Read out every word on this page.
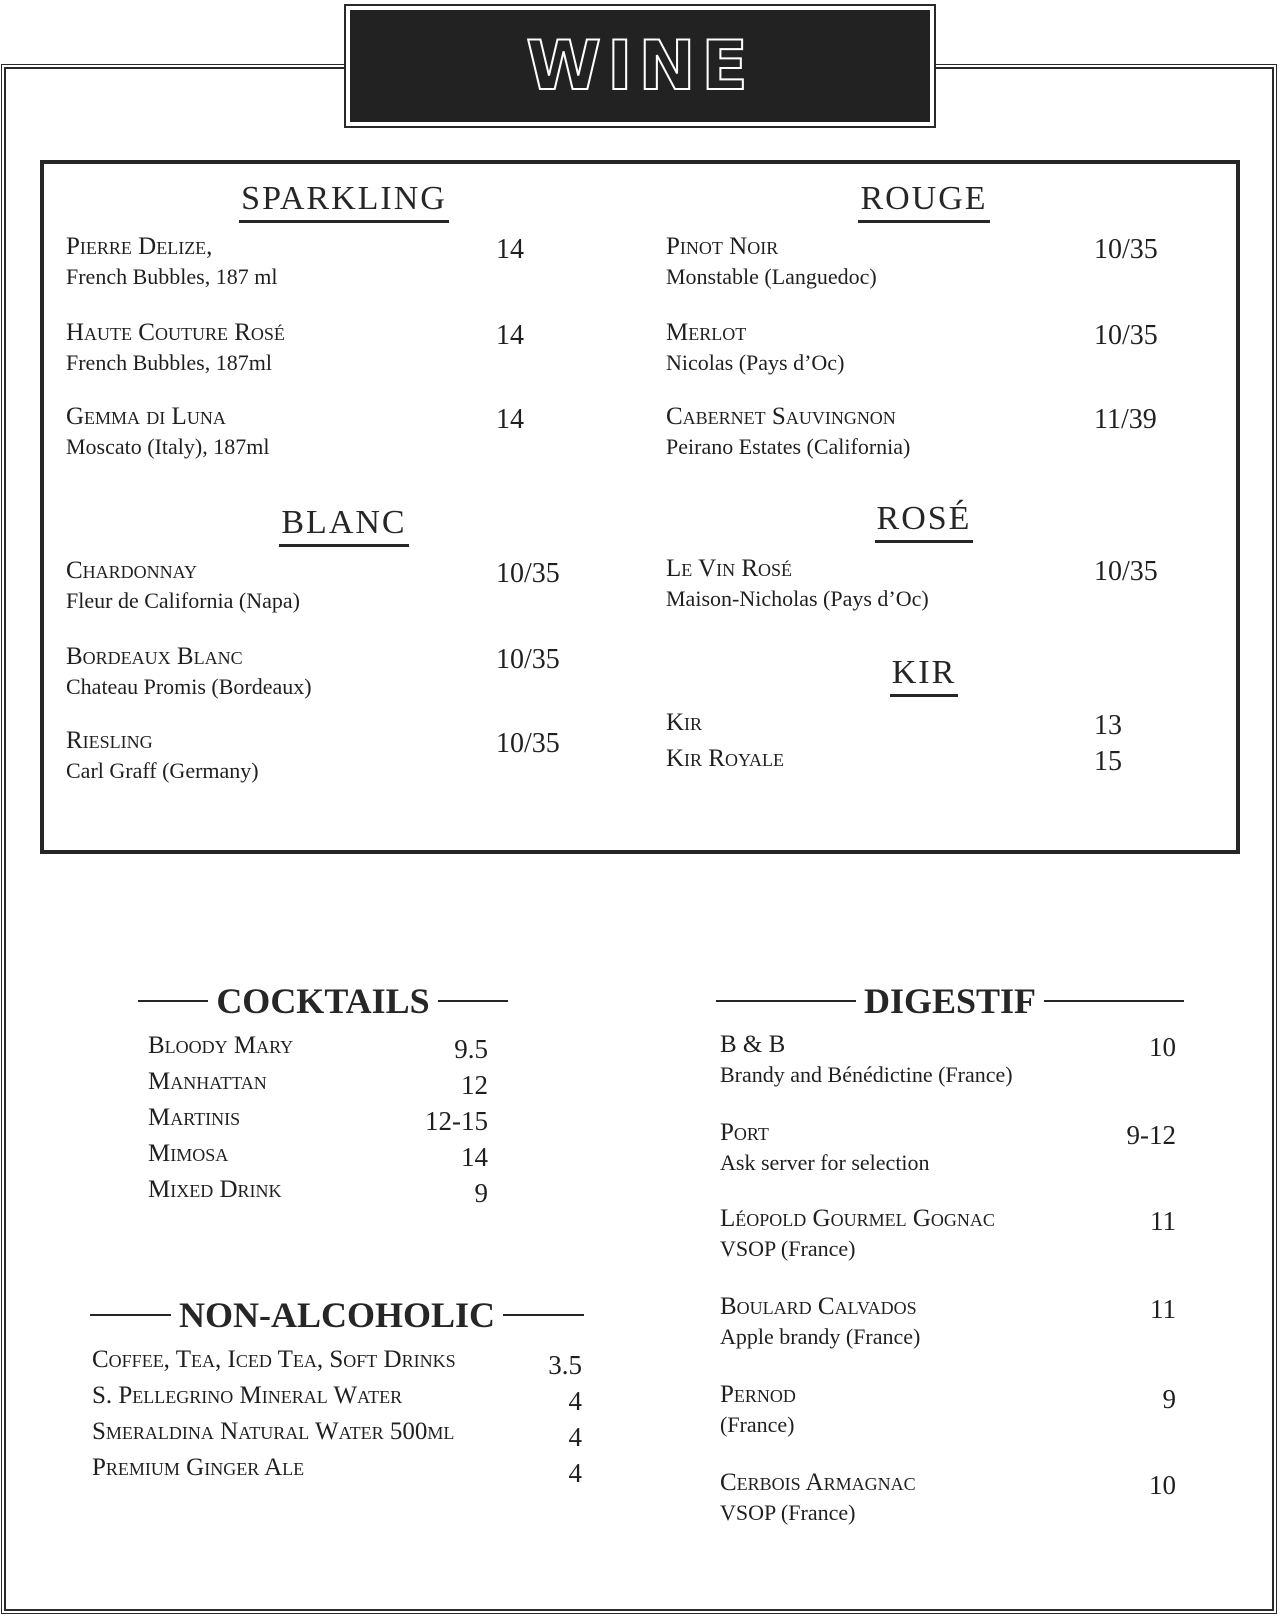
WINE
SPARKLING
Pierre Delize,
French Bubbles, 187 ml
14
Haute Couture Rosé
French Bubbles, 187ml
14
Gemma di Luna
Moscato (Italy), 187ml
14
ROUGE
Pinot Noir
Monstable (Languedoc)
10/35
Merlot
Nicolas (Pays d’Oc)
10/35
Cabernet Sauvingnon
Peirano Estates (California)
11/39
BLANC
Chardonnay
Fleur de California (Napa)
10/35
Bordeaux Blanc
Chateau Promis (Bordeaux)
10/35
Riesling
Carl Graff (Germany)
10/35
ROSÉ
Le Vin Rosé
Maison-Nicholas (Pays d’Oc)
10/35
KIR
Kir	13
Kir Royale	15
COCKTAILS
Bloody Mary	9.5
Manhattan	12
Martinis	12-15
Mimosa	14
Mixed Drink	9
NON-ALCOHOLIC
Coffee, Tea, Iced Tea, Soft Drinks	3.5
S. Pellegrino Mineral Water	4
Smeraldina Natural Water 500ml	4
Premium Ginger Ale	4
DIGESTIF
B & B
Brandy and Bénédictine (France)
10
Port
Ask server for selection
9-12
Léopold Gourmel Gognac
VSOP (France)
11
Boulard Calvados
Apple brandy (France)
11
Pernod
(France)
9
Cerbois Armagnac
VSOP (France)
10
